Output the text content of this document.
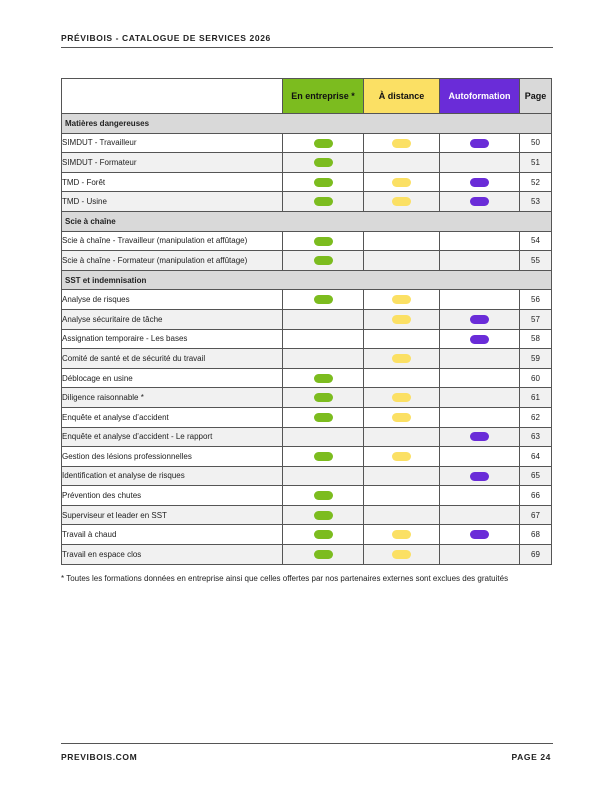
PRÉVIBOIS - CATALOGUE DE SERVICES 2026
	En entreprise *	À distance	Autoformation	Page
Matières dangereuses				
SIMDUT - Travailleur				50
SIMDUT - Formateur				51
TMD - Forêt				52
TMD - Usine				53
Scie à chaîne				
Scie à chaîne - Travailleur (manipulation et affûtage)				54
Scie à chaîne - Formateur (manipulation et affûtage)				55
SST et indemnisation				
Analyse de risques				56
Analyse sécuritaire de tâche				57
Assignation temporaire - Les bases				58
Comité de santé et de sécurité du travail				59
Déblocage en usine				60
Diligence raisonnable *				61
Enquête et analyse d’accident				62
Enquête et analyse d’accident - Le rapport				63
Gestion des lésions professionnelles				64
Identification et analyse de risques				65
Prévention des chutes				66
Superviseur et leader en SST				67
Travail à chaud				68
Travail en espace clos				69
* Toutes les formations données en entreprise ainsi que celles offertes par nos partenaires externes sont exclues des gratuités
PREVIBOIS.COM	PAGE 24
